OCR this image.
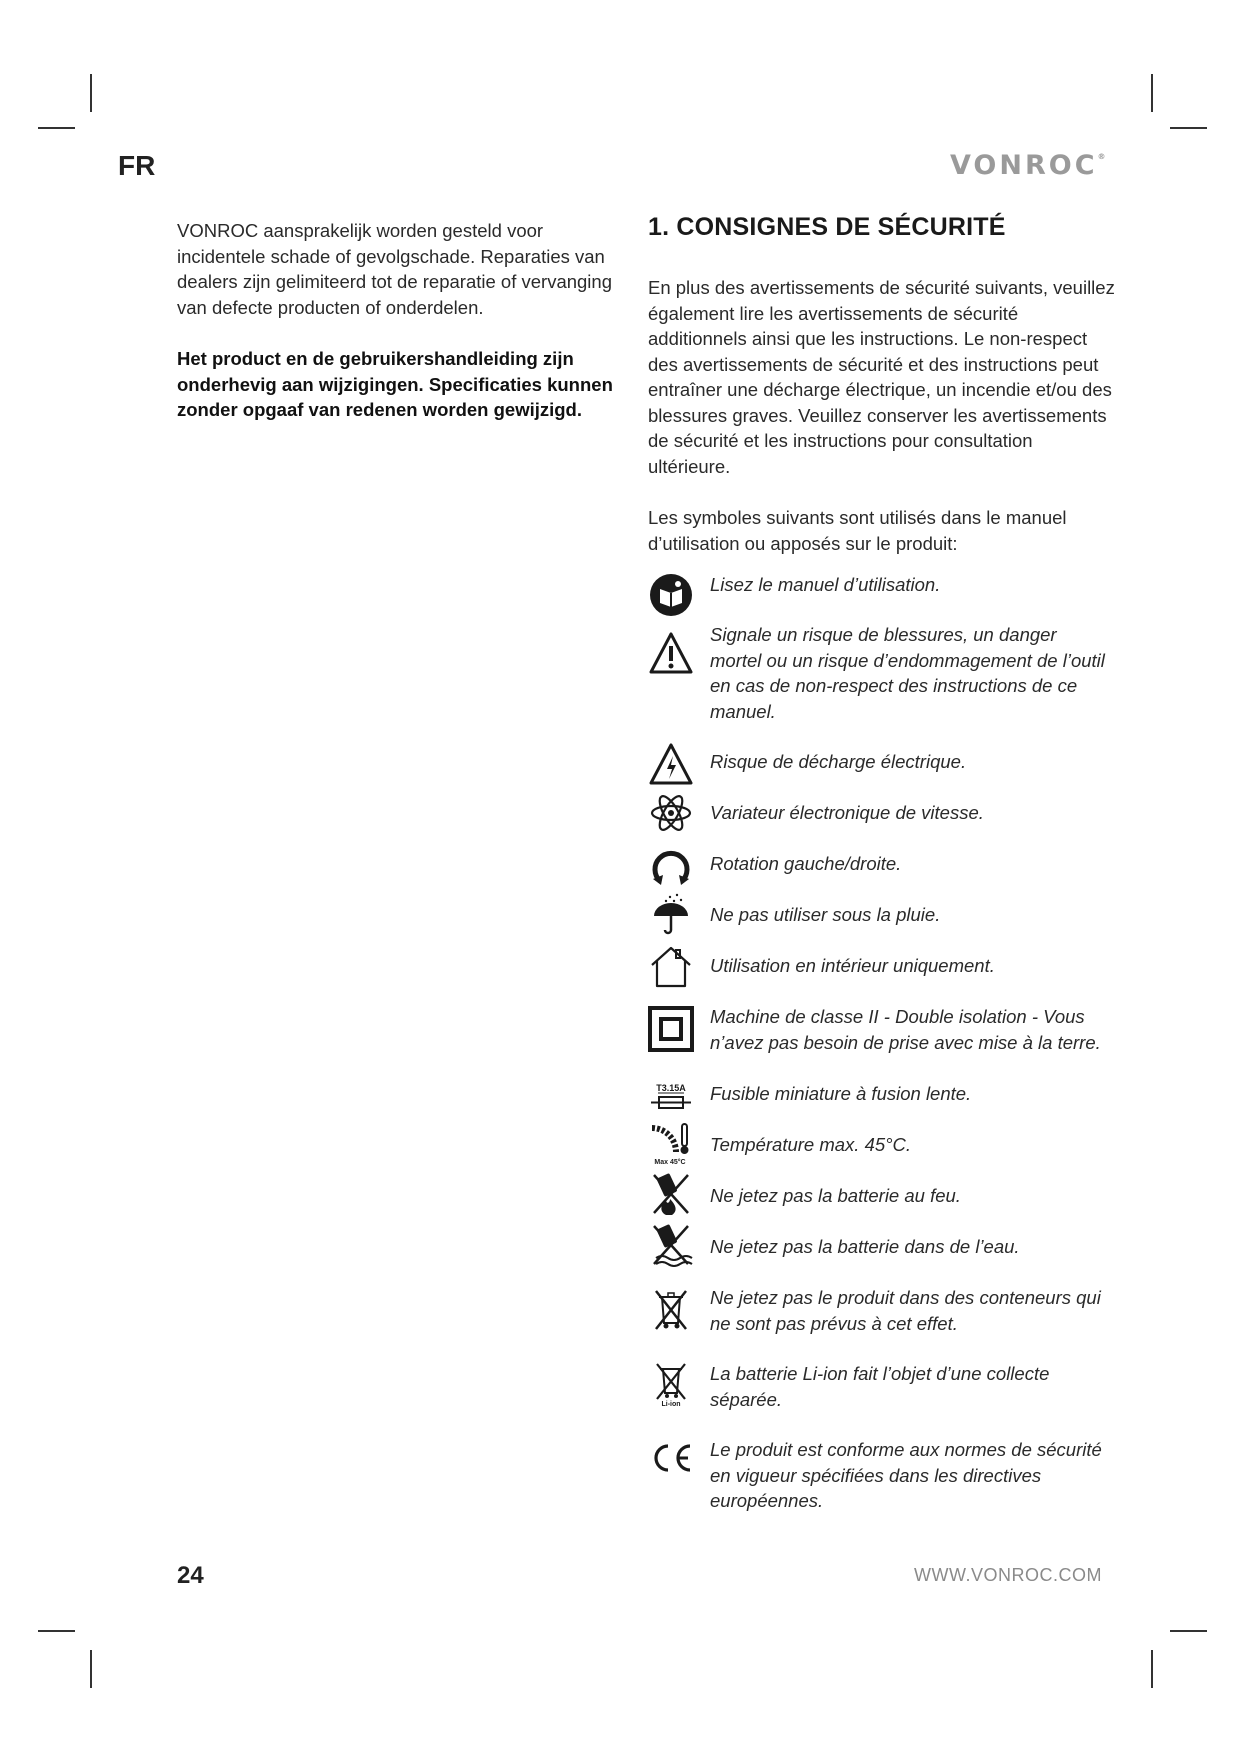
FR	VONROC®

VONROC aansprakelijk worden gesteld voor incidentele schade of gevolgschade. Reparaties van dealers zijn gelimiteerd tot de reparatie of vervanging van defecte producten of onderdelen.

Het product en de gebruikershandleiding zijn onderhevig aan wijzigingen. Specificaties kunnen zonder opgaaf van redenen worden gewijzigd.

1. CONSIGNES DE SÉCURITÉ

En plus des avertissements de sécurité suivants, veuillez également lire les avertissements de sécurité additionnels ainsi que les instructions. Le non-respect des avertissements de sécurité et des instructions peut entraîner une décharge électrique, un incendie et/ou des blessures graves. Veuillez conserver les avertissements de sécurité et les instructions pour consultation ultérieure.

Les symboles suivants sont utilisés dans le manuel d’utilisation ou apposés sur le produit:

Lisez le manuel d’utilisation.
Signale un risque de blessures, un danger mortel ou un risque d’endommagement de l’outil en cas de non-respect des instructions de ce manuel.
Risque de décharge électrique.
Variateur électronique de vitesse.
Rotation gauche/droite.
Ne pas utiliser sous la pluie.
Utilisation en intérieur uniquement.
Machine de classe II - Double isolation - Vous n’avez pas besoin de prise avec mise à la terre.
T3.15A Fusible miniature à fusion lente.
Max 45°C
Température max. 45°C.
Ne jetez pas la batterie au feu.
Ne jetez pas la batterie dans de l’eau.
Ne jetez pas le produit dans des conteneurs qui ne sont pas prévus à cet effet.
Li-ion
La batterie Li-ion fait l’objet d’une collecte séparée.
Le produit est conforme aux normes de sécurité en vigueur spécifiées dans les directives européennes.
24	WWW.VONROC.COM
